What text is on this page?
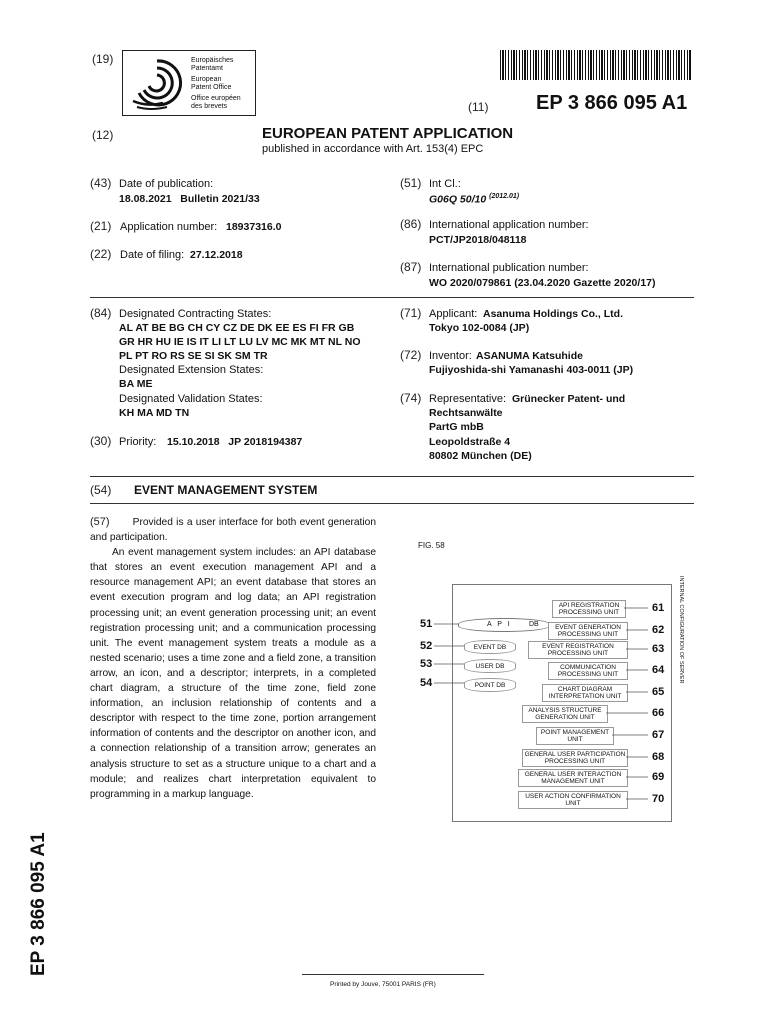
(19)	Europäisches
Patentamt
European
Patent Office
Office européen
des brevets	(11) EP 3 866 095 A1
(12)	EUROPEAN PATENT APPLICATION
published in accordance with Art. 153(4) EPC
(43) Date of publication:
18.08.2021   Bulletin 2021/33
(21) Application number: 18937316.0
(22) Date of filing: 27.12.2018
(51) Int Cl.:
G06Q 50/10 $^{(2012.01)}$
(86) International application number:
PCT/JP2018/048118
(87) International publication number:
WO 2020/079861 (23.04.2020 Gazette 2020/17)
(84) Designated Contracting States:
AL AT BE BG CH CY CZ DE DK EE ES FI FR GB
GR HR HU IE IS IT LI LT LU LV MC MK MT NL NO
PL PT RO RS SE SI SK SM TR
Designated Extension States:
BA ME
Designated Validation States:
KH MA MD TN
(30) Priority: 15.10.2018   JP 2018194387
(71) Applicant: Asanuma Holdings Co., Ltd.
Tokyo 102-0084 (JP)
(72) Inventor: ASANUMA Katsuhide
Fujiyoshida-shi Yamanashi 403-0011 (JP)
(74) Representative: Grünecker Patent- und
Rechtsanwälte
PartG mbB
Leopoldstraße 4
80802 München (DE)
(54) EVENT MANAGEMENT SYSTEM

(57) Provided is a user interface for both event generation and participation.

An event management system includes: an API database that stores an event execution management API and a resource management API; an event database that stores an event execution program and log data; an API registration processing unit; an event generation processing unit; an event registration processing unit; and a communication processing unit. The event management system treats a module as a nested scenario; uses a time zone and a field zone, a transition arrow, an icon, and a descriptor; interprets, in a completed chart diagram, a structure of the time zone, field zone information, an inclusion relationship of contents and a descriptor with respect to the time zone, portion arrangement information of contents and the descriptor on another icon, and a connection relationship of a transition arrow; generates an analysis structure to set as a structure unique to a chart and a module; and realizes chart interpretation equivalent to programming in a markup language.

FIG. 58
INTERNAL CONFIGURATION OF SERVER
A P I DB
51
52
53
54
EVENT DB
USER DB
POINT DB
API REGISTRATION PROCESSING UNIT
EVENT GENERATION PROCESSING UNIT
EVENT REGISTRATION PROCESSING UNIT
COMMUNICATION PROCESSING UNIT
CHART DIAGRAM INTERPRETATION UNIT
ANALYSIS STRUCTURE GENERATION UNIT
POINT MANAGEMENT UNIT
GENERAL USER PARTICIPATION PROCESSING UNIT
GENERAL USER INTERACTION MANAGEMENT UNIT
USER ACTION CONFIRMATION UNIT
61
62
63
64
65
66
67
68
69
70
EP 3 866 095 A1
Printed by Jouve, 75001 PARIS (FR)
